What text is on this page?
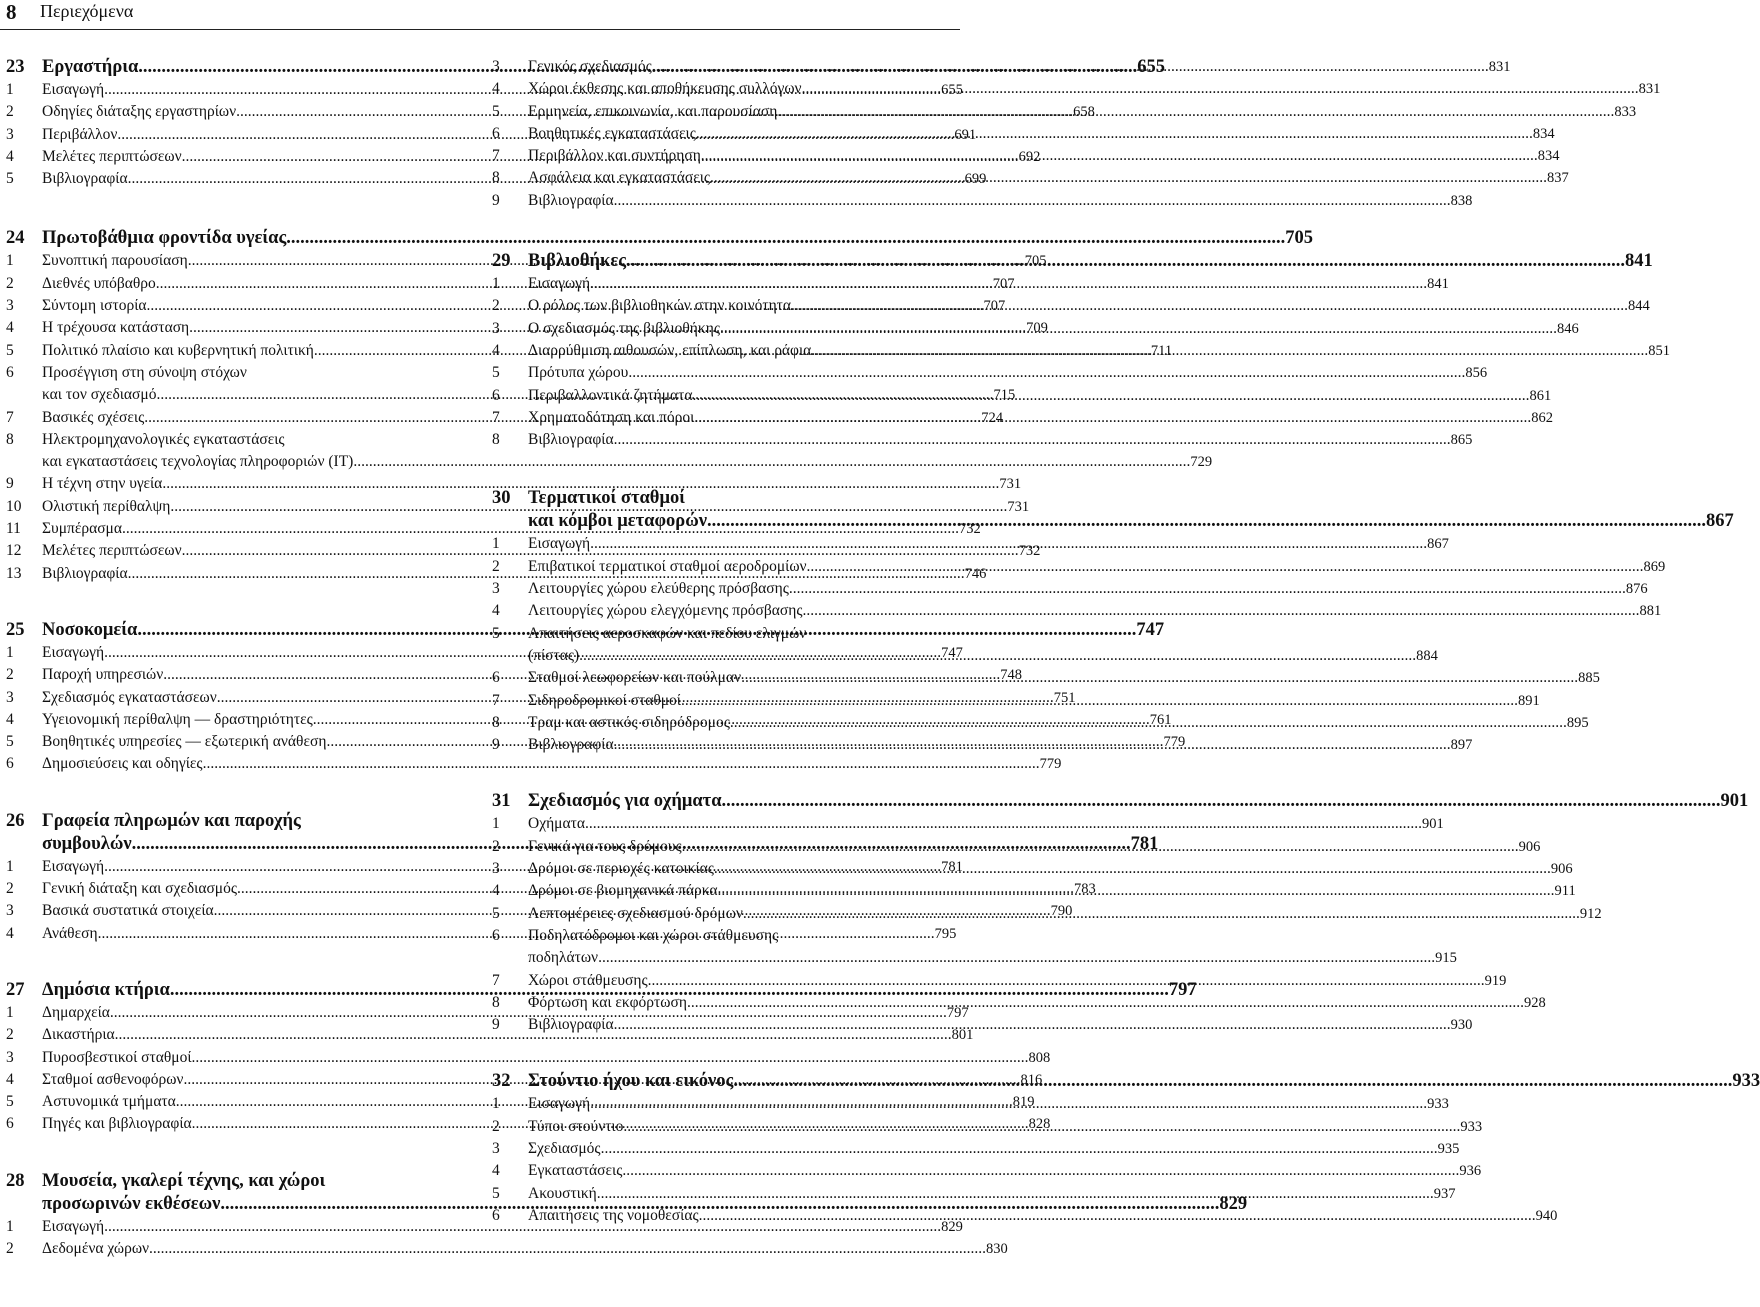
8 Περιεχόμενα
23 Εργαστήρια .....	655
1	Εισαγωγή .....	655
2	Οδηγίες διάταξης εργαστηρίων .....	658
3	Περιβάλλον .....	691
4	Μελέτες περιπτώσεων .....	692
5	Βιβλιογραφία .....	699
24 Πρωτοβάθμια φροντίδα υγείας .....	705
1	Συνοπτική παρουσίαση .....	705
2	Διεθνές υπόβαθρο .....	707
3	Σύντομη ιστορία .....	707
4	Η τρέχουσα κατάσταση .....	709
5	Πολιτικό πλαίσιο και κυβερνητική πολιτική .....	711
6	Προσέγγιση στη σύνοψη στόχων
και τον σχεδιασμό .....	715
7	Βασικές σχέσεις .....	724
8	Ηλεκτρομηχανολογικές εγκαταστάσεις
και εγκαταστάσεις τεχνολογίας πληροφοριών (IT) .....	729
9	Η τέχνη στην υγεία .....	731
10	Ολιστική περίθαλψη .....	731
11	Συμπέρασμα .....	732
12	Μελέτες περιπτώσεων .....	732
13	Βιβλιογραφία .....	746
25 Νοσοκομεία .....	747
1	Εισαγωγή .....	747
2	Παροχή υπηρεσιών .....	748
3	Σχεδιασμός εγκαταστάσεων .....	751
4	Υγειονομική περίθαλψη — δραστηριότητες .....	761
5	Βοηθητικές υπηρεσίες — εξωτερική ανάθεση .....	779
6	Δημοσιεύσεις και οδηγίες .....	779
26 Γραφεία πληρωμών και παροχής
συμβουλών .....	781
1	Εισαγωγή .....	781
2	Γενική διάταξη και σχεδιασμός .....	783
3	Βασικά συστατικά στοιχεία .....	790
4	Ανάθεση .....	795
27 Δημόσια κτήρια .....	797
1	Δημαρχεία .....	797
2	Δικαστήρια .....	801
3	Πυροσβεστικοί σταθμοί .....	808
4	Σταθμοί ασθενοφόρων .....	816
5	Αστυνομικά τμήματα .....	819
6	Πηγές και βιβλιογραφία .....	828
28 Μουσεία, γκαλερί τέχνης, και χώροι
προσωρινών εκθέσεων .....	829
1	Εισαγωγή .....	829
2	Δεδομένα χώρων .....	830
3	Γενικός σχεδιασμός .....	831
4	Χώροι έκθεσης και αποθήκευσης συλλόγων .....	831
5	Ερμηνεία, επικοινωνία, και παρουσίαση .....	833
6	Βοηθητικές εγκαταστάσεις .....	834
7	Περιβάλλον και συντήρηση .....	834
8	Ασφάλεια και εγκαταστάσεις .....	837
9	Βιβλιογραφία .....	838
29 Βιβλιοθήκες .....	841
1	Εισαγωγή .....	841
2	Ο ρόλος των βιβλιοθηκών στην κοινότητα .....	844
3	Ο σχεδιασμός της βιβλιοθήκης .....	846
4	Διαρρύθμιση αιθουσών, επίπλωση, και ράφια .....	851
5	Πρότυπα χώρου .....	856
6	Περιβαλλοντικά ζητήματα .....	861
7	Χρηματοδότηση και πόροι .....	862
8	Βιβλιογραφία .....	865
30 Τερματικοί σταθμοί
και κόμβοι μεταφορών .....	867
1	Εισαγωγή .....	867
2	Επιβατικοί τερματικοί σταθμοί αεροδρομίων .....	869
3	Λειτουργίες χώρου ελεύθερης πρόσβασης .....	876
4	Λειτουργίες χώρου ελεγχόμενης πρόσβασης .....	881
5	Απαιτήσεις αεροσκαφών και πεδίου ελιγμών
(πίστας) .....	884
6	Σταθμοί λεωφορείων και πούλμαν .....	885
7	Σιδηροδρομικοί σταθμοί .....	891
8	Τραμ και αστικός σιδηρόδρομος .....	895
9	Βιβλιογραφία .....	897
31 Σχεδιασμός για οχήματα .....	901
1	Οχήματα .....	901
2	Γενικά για τους δρόμους .....	906
3	Δρόμοι σε περιοχές κατοικίας .....	906
4	Δρόμοι σε βιομηχανικά πάρκα .....	911
5	Λεπτομέρειες σχεδιασμού δρόμων .....	912
6	Ποδηλατόδρομοι και χώροι στάθμευσης
ποδηλάτων .....	915
7	Χώροι στάθμευσης .....	919
8	Φόρτωση και εκφόρτωση .....	928
9	Βιβλιογραφία .....	930
32 Στούντιο ήχου και εικόνος .....	933
1	Εισαγωγή .....	933
2	Τύποι στούντιο .....	933
3	Σχεδιασμός .....	935
4	Εγκαταστάσεις .....	936
5	Ακουστική .....	937
6	Απαιτήσεις της νομοθεσίας .....	940
